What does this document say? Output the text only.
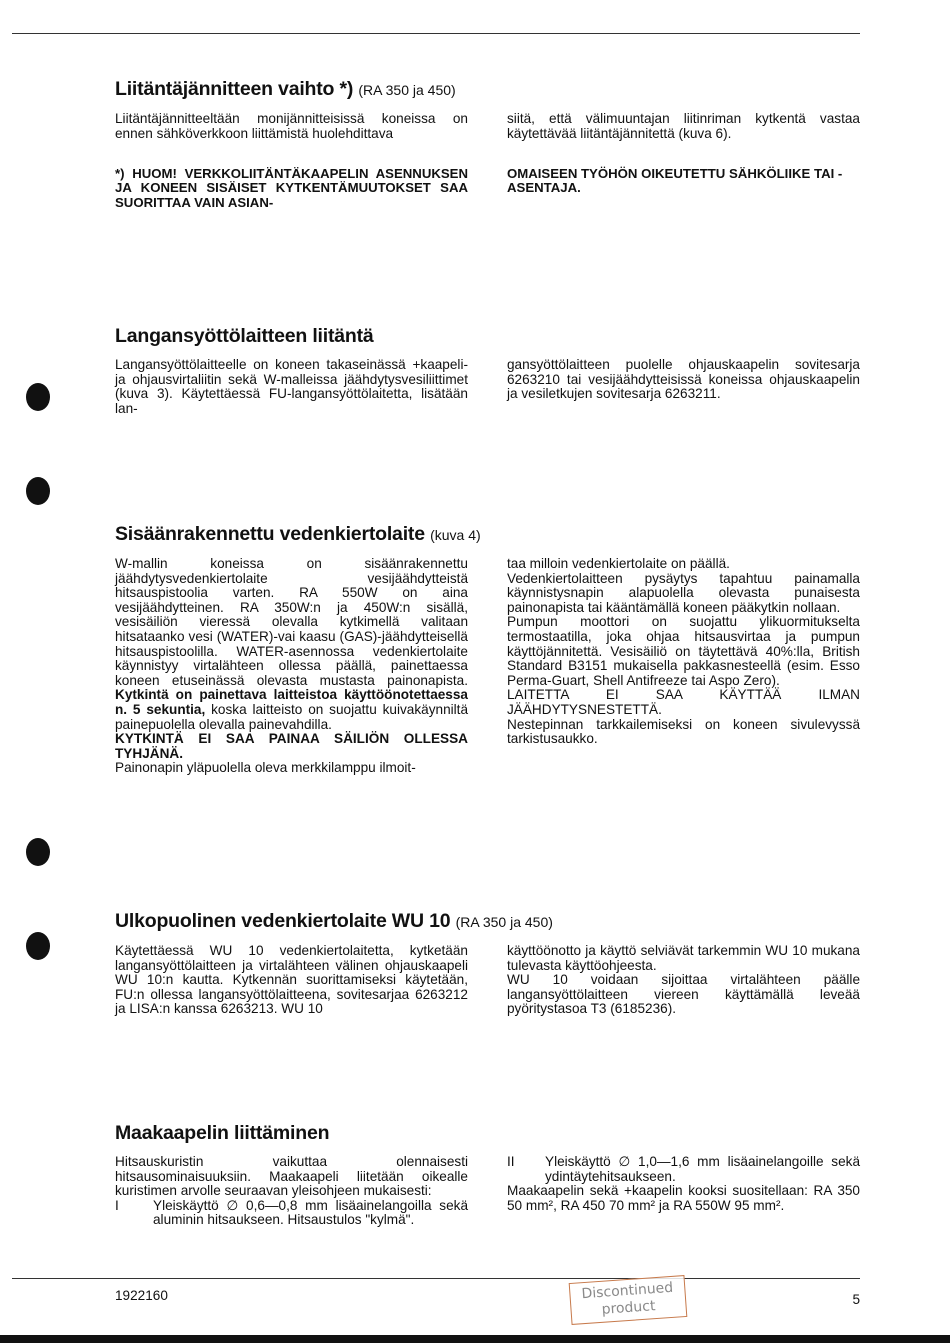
Liitäntäjännitteen vaihto *) (RA 350 ja 450)

Liitäntäjännitteeltään monijännitteisissä koneissa on ennen sähköverkkoon liittämistä huolehdittava

*) HUOM! VERKKOLIITÄNTÄKAAPELIN ASENNUKSEN JA KONEEN SISÄISET KYTKENTÄMUUTOKSET SAA SUORITTAA VAIN ASIAN-

siitä, että välimuuntajan liitinriman kytkentä vastaa käytettävää liitäntäjännitettä (kuva 6).

OMAISEEN TYÖHÖN OIKEUTETTU SÄHKÖLIIKE TAI -ASENTAJA.

Langansyöttölaitteen liitäntä

Langansyöttölaitteelle on koneen takaseinässä +kaapeli- ja ohjausvirtaliitin sekä W-malleissa jäähdytysvesiliittimet (kuva 3). Käytettäessä FU-langansyöttölaitetta, lisätään lan-

gansyöttölaitteen puolelle ohjauskaapelin sovitesarja 6263210 tai vesijäähdytteisissä koneissa ohjauskaapelin ja vesiletkujen sovitesarja 6263211.

Sisäänrakennettu vedenkiertolaite (kuva 4)

W-mallin koneissa on sisäänrakennettu jäähdytysvedenkiertolaite vesijäähdytteistä hitsauspistoolia varten. RA 550W on aina vesijäähdytteinen. RA 350W:n ja 450W:n sisällä, vesisäiliön vieressä olevalla kytkimellä valitaan hitsataanko vesi (WATER)-vai kaasu (GAS)-jäähdytteisellä hitsauspistoolilla. WATER-asennossa vedenkiertolaite käynnistyy virtalähteen ollessa päällä, painettaessa koneen etuseinässä olevasta mustasta painonapista. Kytkintä on painettava laitteistoa käyttöönotettaessa n. 5 sekuntia, koska laitteisto on suojattu kuivakäynniltä painepuolella olevalla painevahdilla.

KYTKINTÄ EI SAA PAINAA SÄILIÖN OLLESSA TYHJÄNÄ.

Painonapin yläpuolella oleva merkkilamppu ilmoit-

taa milloin vedenkiertolaite on päällä.

Vedenkiertolaitteen pysäytys tapahtuu painamalla käynnistysnapin alapuolella olevasta punaisesta painonapista tai kääntämällä koneen pääkytkin nollaan.

Pumpun moottori on suojattu ylikuormitukselta termostaatilla, joka ohjaa hitsausvirtaa ja pumpun käyttöjännitettä. Vesisäiliö on täytettävä 40%:lla, British Standard B3151 mukaisella pakkasnesteellä (esim. Esso Perma-Guart, Shell Antifreeze tai Aspo Zero).

LAITETTA EI SAA KÄYTTÄÄ ILMAN JÄÄHDYTYSNESTETTÄ.

Nestepinnan tarkkailemiseksi on koneen sivulevyssä tarkistusaukko.

Ulkopuolinen vedenkiertolaite WU 10 (RA 350 ja 450)

Käytettäessä WU 10 vedenkiertolaitetta, kytketään langansyöttölaitteen ja virtalähteen välinen ohjauskaapeli WU 10:n kautta. Kytkennän suorittamiseksi käytetään, FU:n ollessa langansyöttölaitteena, sovitesarjaa 6263212 ja LISA:n kanssa 6263213. WU 10

käyttöönotto ja käyttö selviävät tarkemmin WU 10 mukana tulevasta käyttöohjeesta.

WU 10 voidaan sijoittaa virtalähteen päälle langansyöttölaitteen viereen käyttämällä leveää pyöritystasoa T3 (6185236).

Maakaapelin liittäminen

Hitsauskuristin vaikuttaa olennaisesti hitsausominaisuuksiin. Maakaapeli liitetään oikealle kuristimen arvolle seuraavan yleisohjeen mukaisesti:

I	Yleiskäyttö ∅ 0,6—0,8 mm lisäainelangoilla sekä aluminin hitsaukseen. Hitsaustulos "kylmä".
II	Yleiskäyttö ∅ 1,0—1,6 mm lisäainelangoille sekä ydintäytehitsaukseen.

Maakaapelin sekä +kaapelin kooksi suositellaan: RA 350 50 mm², RA 450 70 mm² ja RA 550W 95 mm².

1922160	Discontinued product	5
